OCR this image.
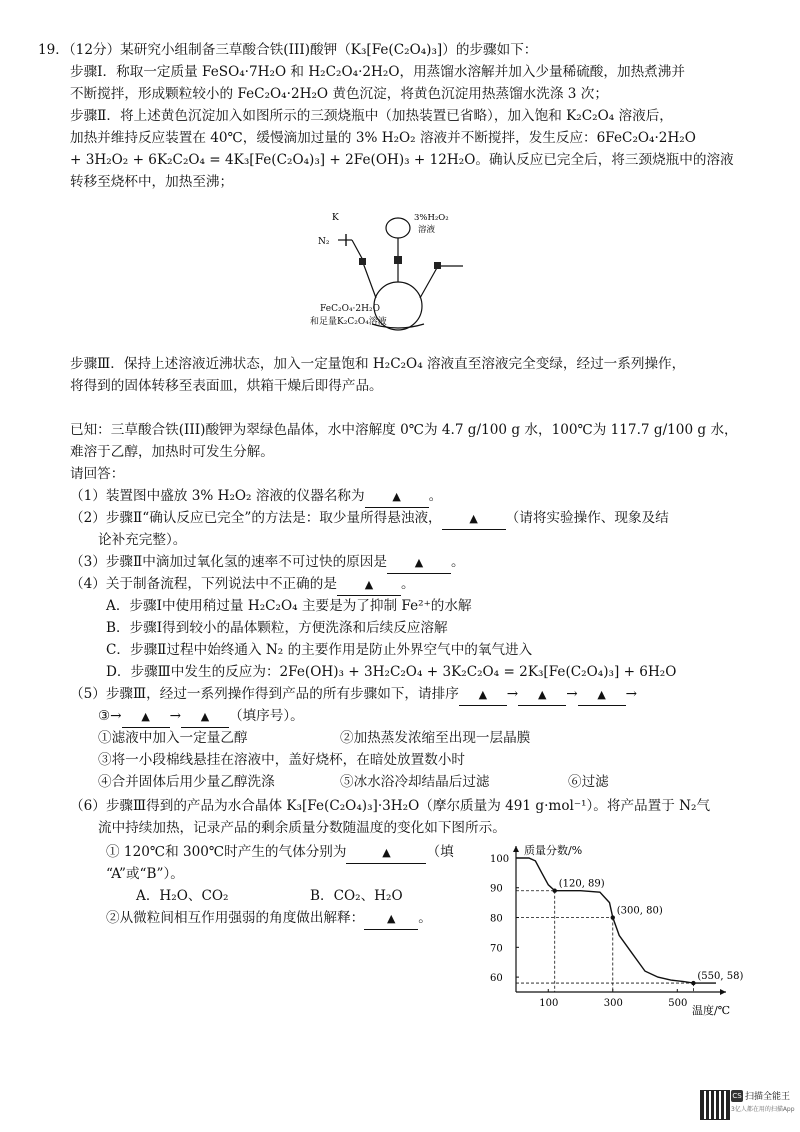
19．（12分）某研究小组制备三草酸合铁(III)酸钾（K₃[Fe(C₂O₄)₃]）的步骤如下：
步骤Ⅰ．称取一定质量 FeSO₄·7H₂O 和 H₂C₂O₄·2H₂O，用蒸馏水溶解并加入少量稀硫酸，加热煮沸并
不断搅拌，形成颗粒较小的 FeC₂O₄·2H₂O 黄色沉淀，将黄色沉淀用热蒸馏水洗涤 3 次；
步骤Ⅱ．将上述黄色沉淀加入如图所示的三颈烧瓶中（加热装置已省略），加入饱和 K₂C₂O₄ 溶液后，
加热并维持反应装置在 40℃，缓慢滴加过量的 3% H₂O₂ 溶液并不断搅拌，发生反应：6FeC₂O₄·2H₂O
+ 3H₂O₂ + 6K₂C₂O₄ = 4K₃[Fe(C₂O₄)₃] + 2Fe(OH)₃ + 12H₂O。确认反应已完全后，将三颈烧瓶中的溶液
转移至烧杯中，加热至沸；
K
N₂
3%H₂O₂
溶液
FeC₂O₄·2H₂O
和足量K₂C₂O₄溶液
步骤Ⅲ．保持上述溶液近沸状态，加入一定量饱和 H₂C₂O₄ 溶液直至溶液完全变绿，经过一系列操作，
将得到的固体转移至表面皿，烘箱干燥后即得产品。
已知：三草酸合铁(III)酸钾为翠绿色晶体，水中溶解度 0℃为 4.7 g/100 g 水，100℃为 117.7 g/100 g 水，
难溶于乙醇，加热时可发生分解。
请回答：
（1）装置图中盛放 3% H₂O₂ 溶液的仪器名称为	▲ 。
（2）步骤Ⅱ“确认反应已完全”的方法是：取少量所得悬浊液，	▲ （请将实验操作、现象及结
论补充完整）。
（3）步骤Ⅱ中滴加过氧化氢的速率不可过快的原因是	▲ 。
（4）关于制备流程，下列说法中不正确的是	▲ 。
A．步骤Ⅰ中使用稍过量 H₂C₂O₄ 主要是为了抑制 Fe²⁺的水解
B．步骤Ⅰ得到较小的晶体颗粒，方便洗涤和后续反应溶解
C．步骤Ⅱ过程中始终通入 N₂ 的主要作用是防止外界空气中的氧气进入
D．步骤Ⅲ中发生的反应为：2Fe(OH)₃ + 3H₂C₂O₄ + 3K₂C₂O₄ = 2K₃[Fe(C₂O₄)₃] + 6H₂O
（5）步骤Ⅲ，经过一系列操作得到产品的所有步骤如下，请排序 ▲ → ▲ → ▲ →
③→ ▲ → ▲ （填序号）。
①滤液中加入一定量乙醇	②加热蒸发浓缩至出现一层晶膜
③将一小段棉线悬挂在溶液中，盖好烧杯，在暗处放置数小时
④合并固体后用少量乙醇洗涤	⑤冰水浴冷却结晶后过滤	⑥过滤
（6）步骤Ⅲ得到的产品为水合晶体 K₃[Fe(C₂O₄)₃]·3H₂O（摩尔质量为 491 g·mol⁻¹）。将产品置于 N₂气
流中持续加热，记录产品的剩余质量分数随温度的变化如下图所示。
① 120℃和 300℃时产生的气体分别为	▲	（填
“A”或“B”）。
A．H₂O、CO₂	B．CO₂、H₂O
②从微粒间相互作用强弱的角度做出解释： ▲ 。
质量分数/%
温度/℃
100	300	500
100
90
80
70
60
(120, 89)
(300, 80)
(550, 58)
CS 扫描全能王
3亿人都在用的扫描App
